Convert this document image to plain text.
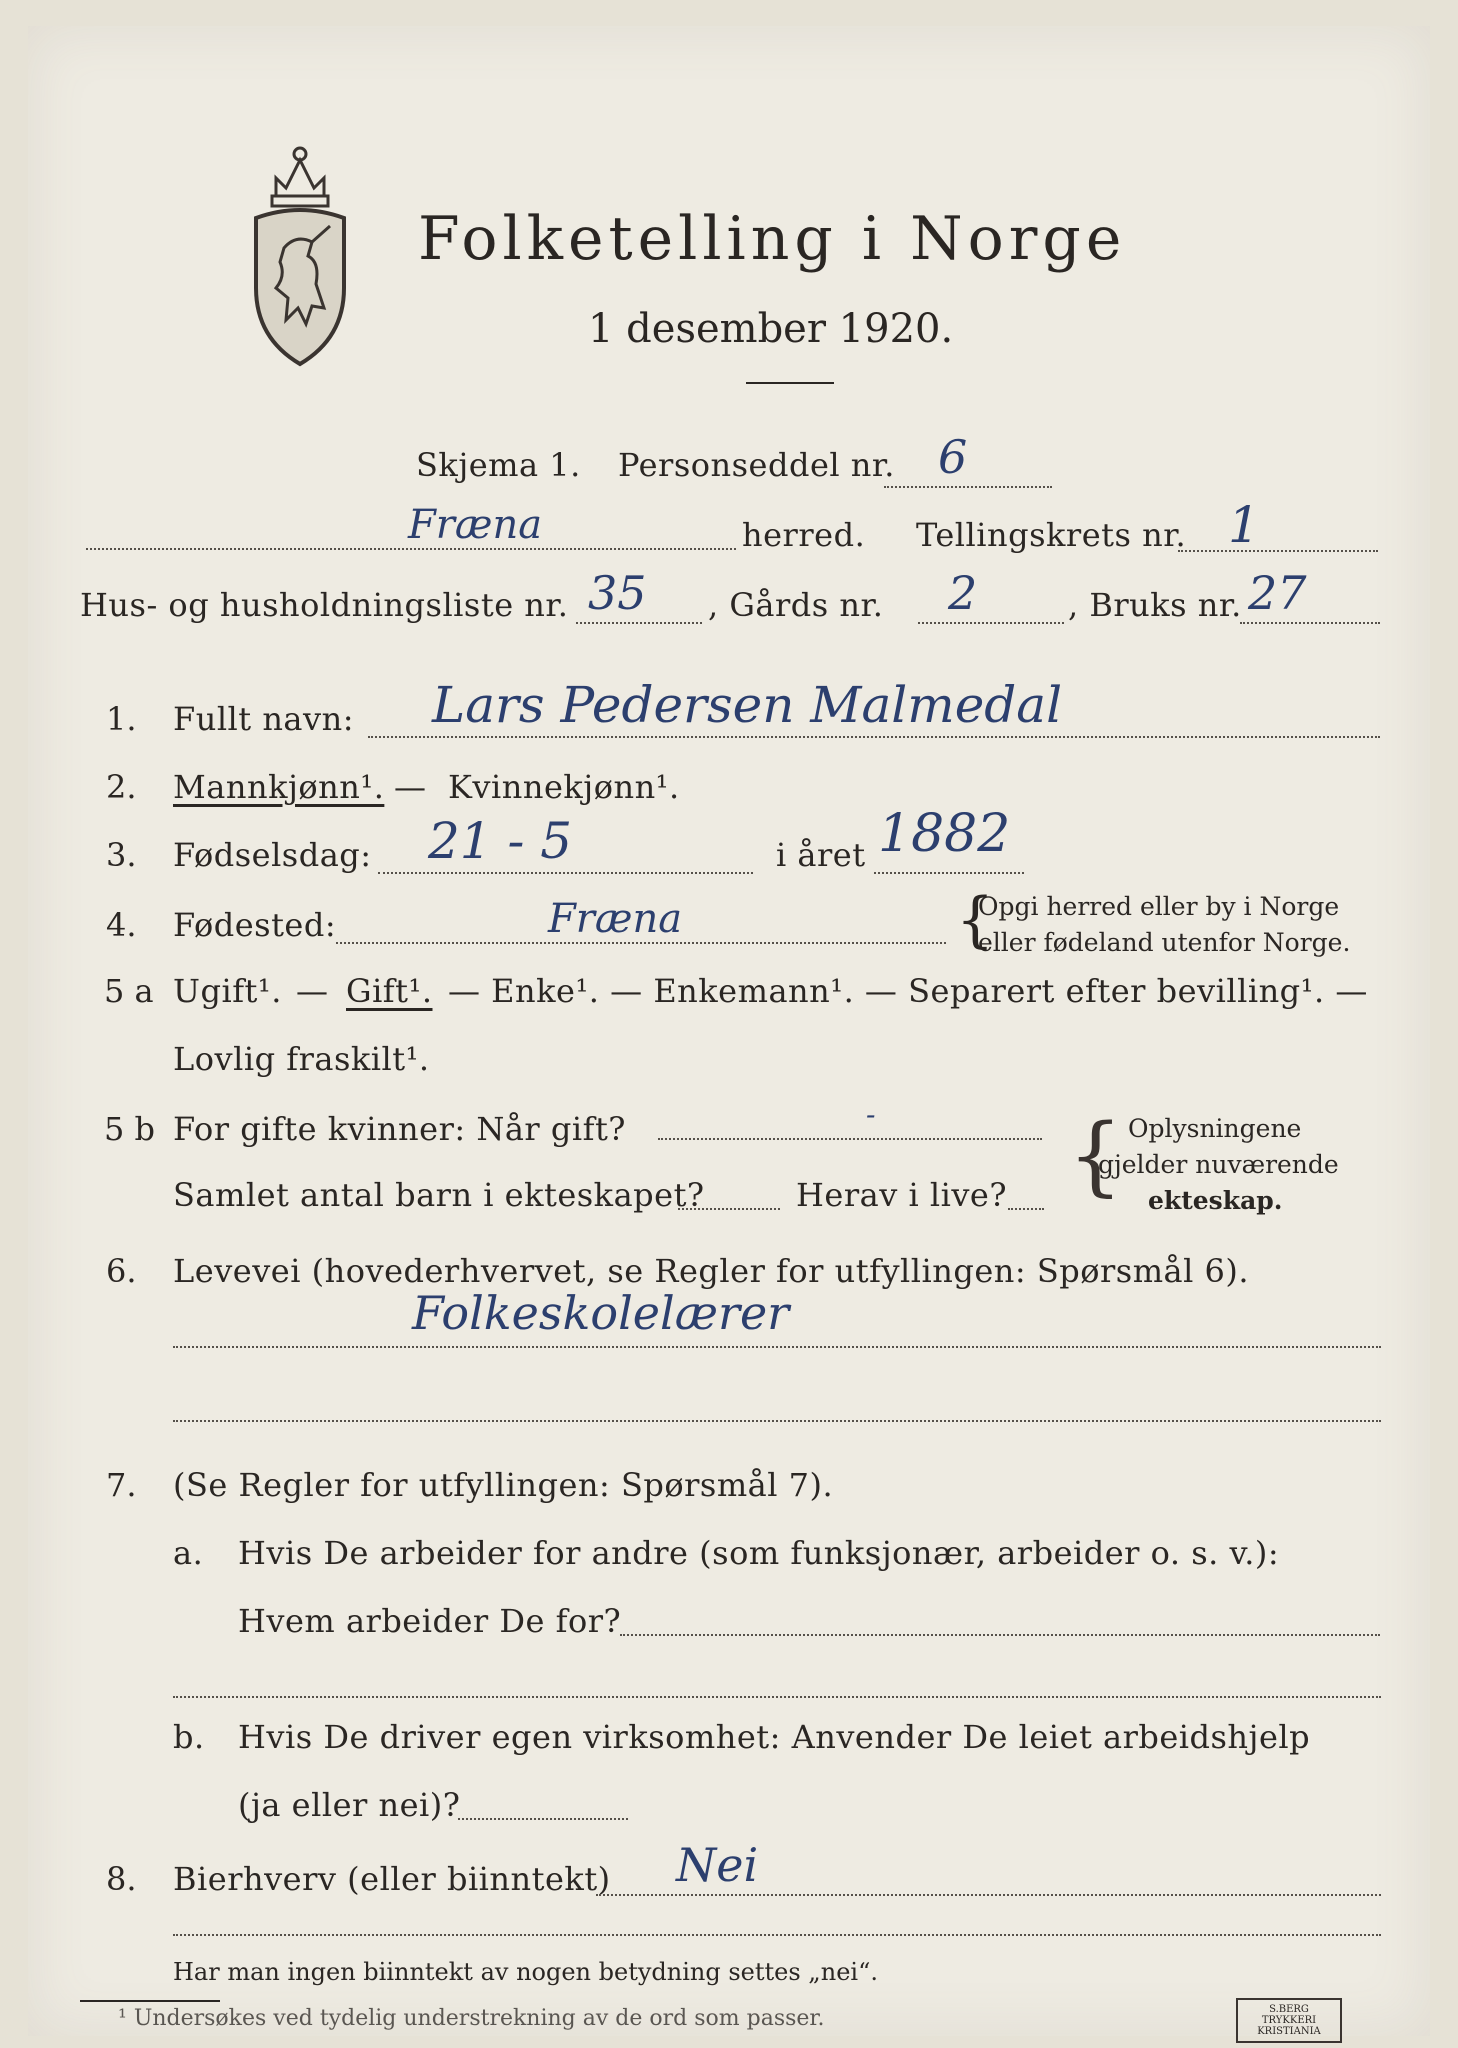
Folketelling i Norge
1 desember 1920.
Skjema 1. Personseddel nr. 6
Fræna	herred. Tellingskrets nr. 1
Hus- og husholdningsliste nr. 35 , Gårds nr. 2	, Bruks nr. 27
1. Fullt navn: Lars Pedersen Malmedal
2. Mannkjønn¹. — Kvinnekjønn¹.
3. Fødselsdag: 21 - 5	i året 1882
4. Fødested:	Fræna	{
Opgi herred eller by i Norge
eller fødeland utenfor Norge.
5 a Ugift¹. — Gift¹. — Enke¹. — Enkemann¹. — Separert efter bevilling¹. —
Lovlig fraskilt¹.
5 b For gifte kvinner: Når gift?	-
Samlet antal barn i ekteskapet?	Herav i live? { Oplysningene
gjelder nuværende
ekteskap.
6. Levevei (hovederhvervet, se Regler for utfyllingen: Spørsmål 6).
Folkeskolelærer
7. (Se Regler for utfyllingen: Spørsmål 7).
a. Hvis De arbeider for andre (som funksjonær, arbeider o. s. v.):
Hvem arbeider De for?
b. Hvis De driver egen virksomhet: Anvender De leiet arbeidshjelp
(ja eller nei)?
8. Bierhverv (eller biinntekt) Nei
Har man ingen biinntekt av nogen betydning settes „nei“.
¹ Undersøkes ved tydelig understrekning av de ord som passer.	S.BERG TRYKKERI KRISTIANIA
